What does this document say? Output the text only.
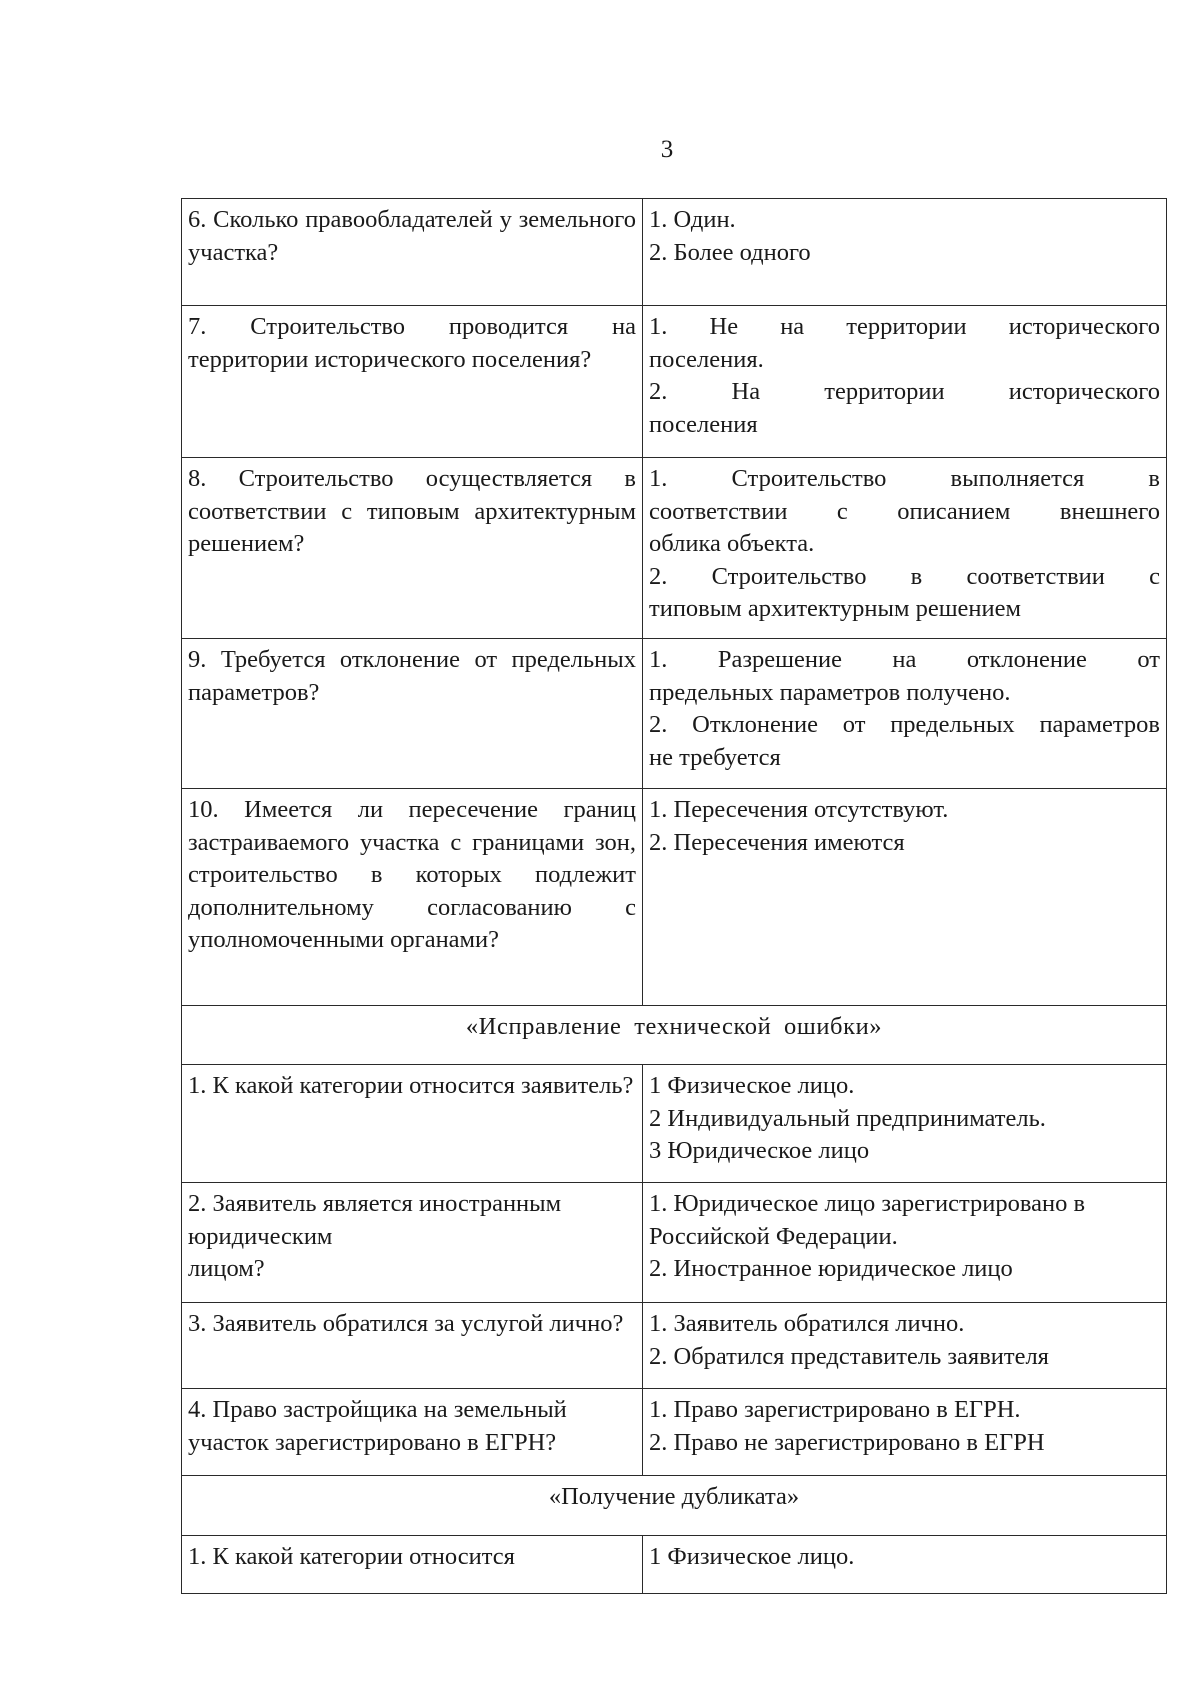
3
6. Сколько правообладателей у земельного участка?	1. Один.
2. Более одного

7. Строительство проводится на территории исторического поселения?	1. Не на территории исторического
поселения.
2. На территории исторического
поселения

8. Строительство осуществляется в соответствии с типовым архитектурным решением?	1. Строительство выполняется в
соответствии с описанием внешнего
облика объекта.
2. Строительство в соответствии с
типовым архитектурным решением

9. Требуется отклонение от предельных параметров?	1. Разрешение на отклонение от
предельных параметров получено.
2. Отклонение от предельных параметров
не требуется

10. Имеется ли пересечение границ застраиваемого участка с границами зон, строительство в которых подлежит дополнительному согласованию с уполномоченными органами?	1. Пересечения отсутствуют.
2. Пересечения имеются

«Исправление технической ошибки»	
1. К какой категории относится заявитель?	1 Физическое лицо.
2 Индивидуальный предприниматель.
3 Юридическое лицо

2. Заявитель является иностранным
юридическим
лицом?	1. Юридическое лицо зарегистрировано в
Российской Федерации.
2. Иностранное юридическое лицо

3. Заявитель обратился за услугой лично?	1. Заявитель обратился лично.
2. Обратился представитель заявителя

4. Право застройщика на земельный участок зарегистрировано в ЕГРН?	1. Право зарегистрировано в ЕГРН.
2. Право не зарегистрировано в ЕГРН

«Получение дубликата»	
1. К какой категории относится	1 Физическое лицо.
